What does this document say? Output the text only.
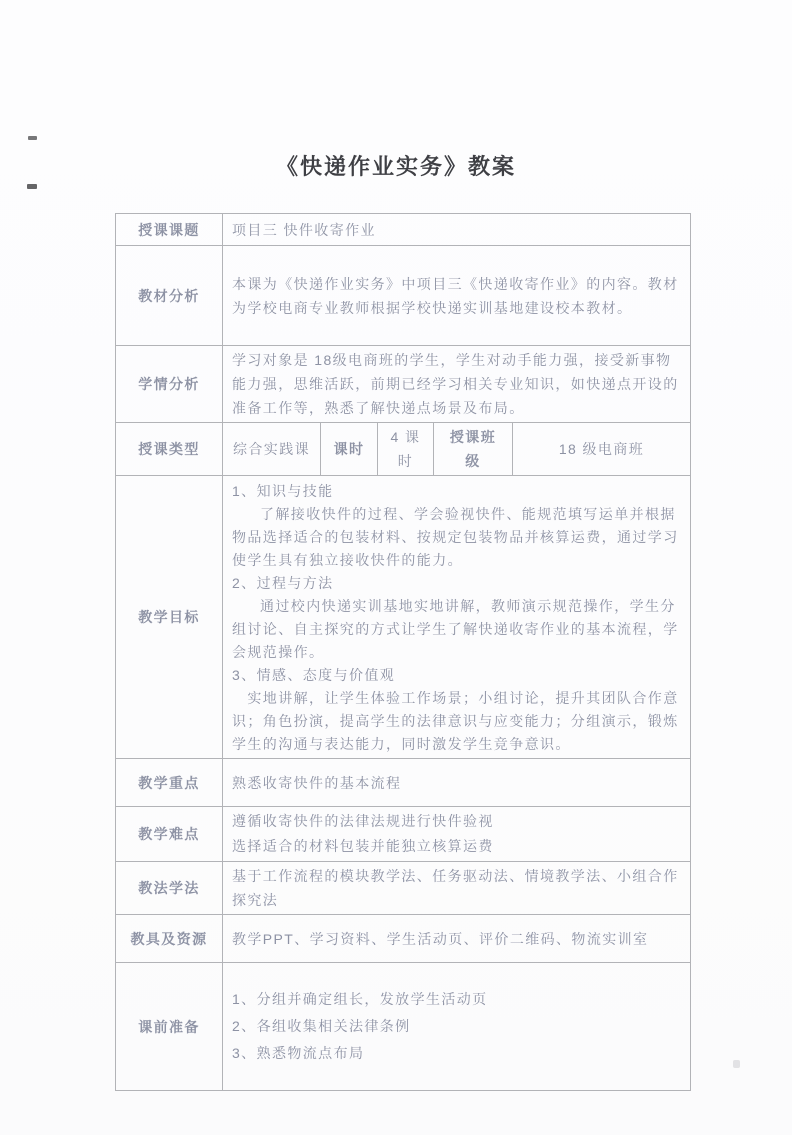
《快递作业实务》教案
授课课题	项目三 快件收寄作业				
教材分析	本课为《快递作业实务》中项目三《快递收寄作业》的内容。教材为学校电商专业教师根据学校快递实训基地建设校本教材。				
学情分析	学习对象是 18级电商班的学生，学生对动手能力强，接受新事物能力强，思维活跃，前期已经学习相关专业知识，如快递点开设的准备工作等，熟悉了解快递点场景及布局。				
授课类型	综合实践课	课时	4 课时	授课班级	18 级电商班
教学目标	

1、知识与技能

了解接收快件的过程、学会验视快件、能规范填写运单并根据物品选择适合的包装材料、按规定包装物品并核算运费，通过学习使学生具有独立接收快件的能力。

2、过程与方法

通过校内快递实训基地实地讲解，教师演示规范操作，学生分组讨论、自主探究的方式让学生了解快递收寄作业的基本流程，学会规范操作。

3、情感、态度与价值观

实地讲解，让学生体验工作场景；小组讨论，提升其团队合作意识；角色扮演，提高学生的法律意识与应变能力；分组演示，锻炼学生的沟通与表达能力，同时激发学生竞争意识。

教学重点	熟悉收寄快件的基本流程				
教学难点	遵循收寄快件的法律法规进行快件验视

选择适合的材料包装并能独立核算运费				

教法学法	基于工作流程的模块教学法、任务驱动法、情境教学法、小组合作探究法				
教具及资源	教学PPT、学习资料、学生活动页、评价二维码、物流实训室				
课前准备	1、分组并确定组长，发放学生活动页

2、各组收集相关法律条例

3、熟悉物流点布局				
